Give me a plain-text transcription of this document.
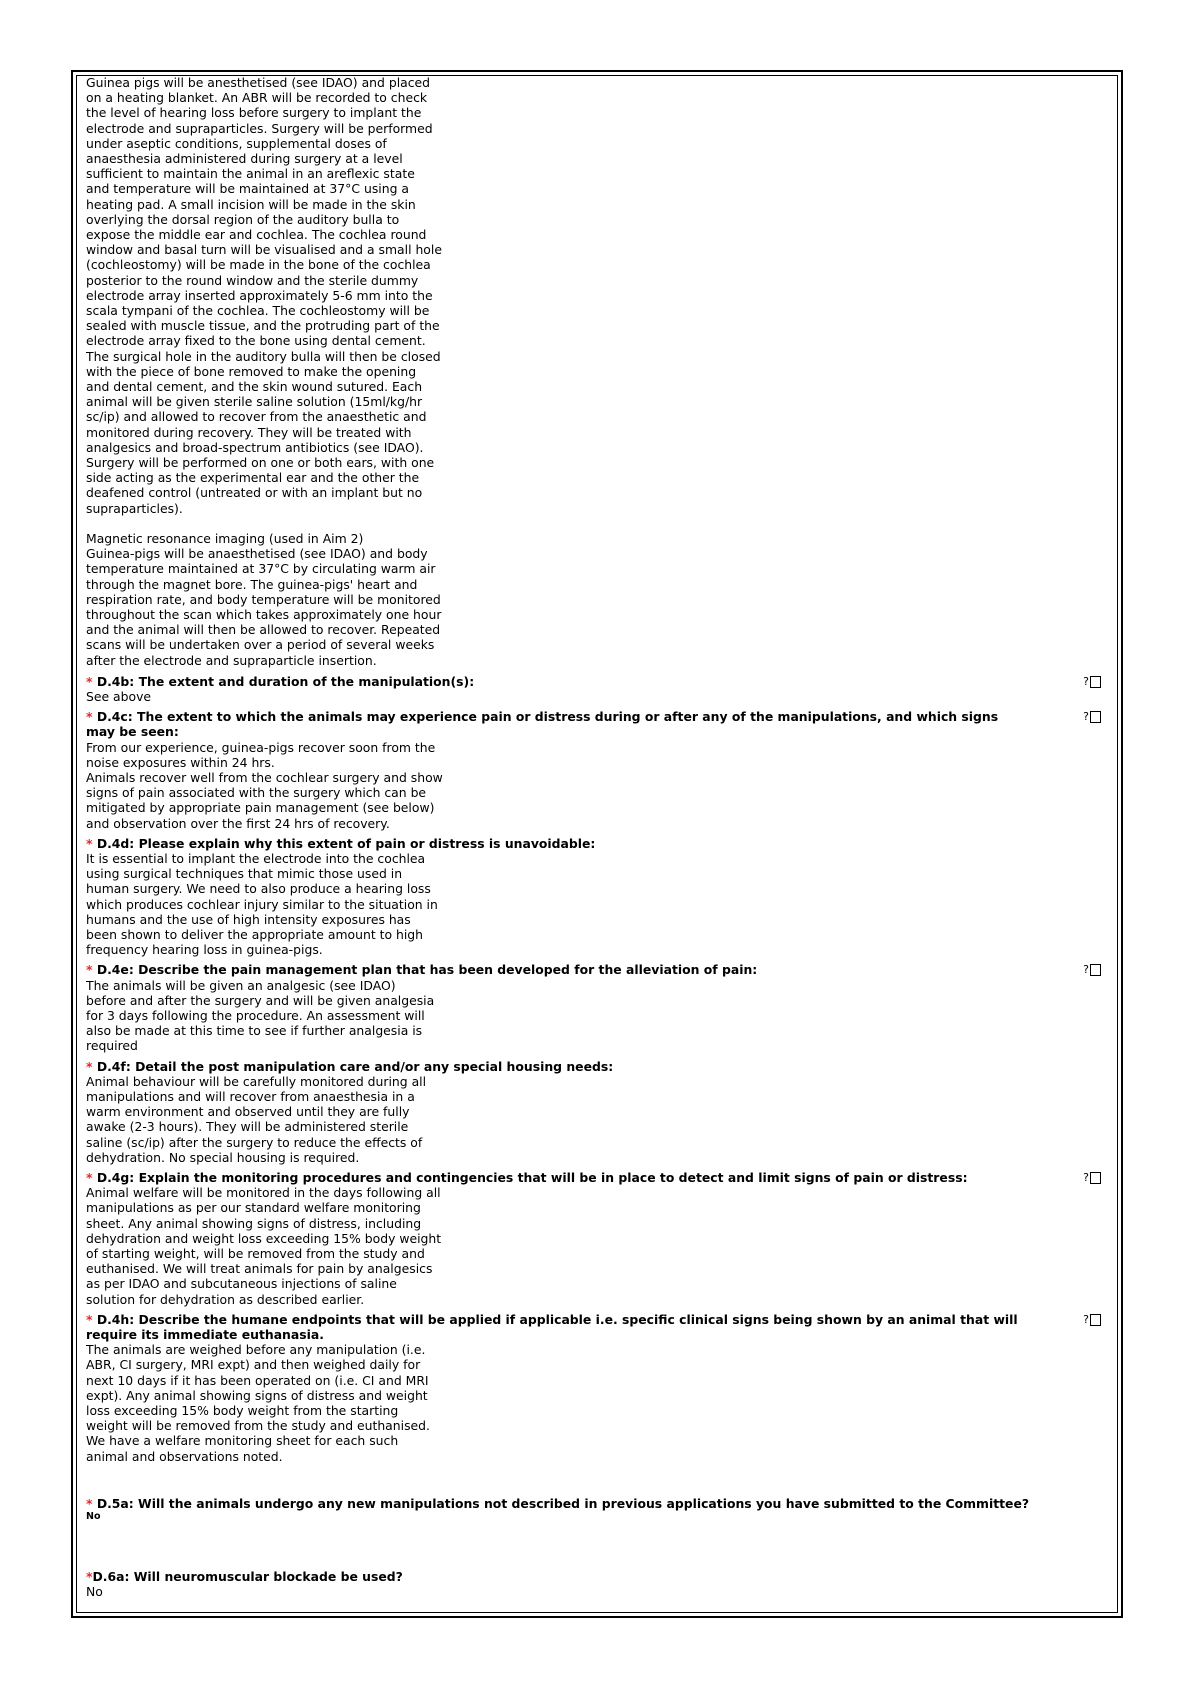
Guinea pigs will be anesthetised (see IDAO) and placed
on a heating blanket. An ABR will be recorded to check
the level of hearing loss before surgery to implant the
electrode and supraparticles. Surgery will be performed
under aseptic conditions, supplemental doses of
anaesthesia administered during surgery at a level
sufficient to maintain the animal in an areflexic state
and temperature will be maintained at 37°C using a
heating pad. A small incision will be made in the skin
overlying the dorsal region of the auditory bulla to
expose the middle ear and cochlea. The cochlea round
window and basal turn will be visualised and a small hole
(cochleostomy) will be made in the bone of the cochlea
posterior to the round window and the sterile dummy
electrode array inserted approximately 5-6 mm into the
scala tympani of the cochlea. The cochleostomy will be
sealed with muscle tissue, and the protruding part of the
electrode array fixed to the bone using dental cement.
The surgical hole in the auditory bulla will then be closed
with the piece of bone removed to make the opening
and dental cement, and the skin wound sutured. Each
animal will be given sterile saline solution (15ml/kg/hr
sc/ip) and allowed to recover from the anaesthetic and
monitored during recovery. They will be treated with
analgesics and broad-spectrum antibiotics (see IDAO).
Surgery will be performed on one or both ears, with one
side acting as the experimental ear and the other the
deafened control (untreated or with an implant but no
supraparticles).
Magnetic resonance imaging (used in Aim 2)
Guinea-pigs will be anaesthetised (see IDAO) and body
temperature maintained at 37°C by circulating warm air
through the magnet bore. The guinea-pigs' heart and
respiration rate, and body temperature will be monitored
throughout the scan which takes approximately one hour
and the animal will then be allowed to recover. Repeated
scans will be undertaken over a period of several weeks
after the electrode and supraparticle insertion.
* D.4b: The extent and duration of the manipulation(s):	?
See above
* D.4c: The extent to which the animals may experience pain or distress during or after any of the manipulations, and which signs may be seen:
?
From our experience, guinea-pigs recover soon from the
noise exposures within 24 hrs.
Animals recover well from the cochlear surgery and show
signs of pain associated with the surgery which can be
mitigated by appropriate pain management (see below)
and observation over the first 24 hrs of recovery.
* D.4d: Please explain why this extent of pain or distress is unavoidable:
It is essential to implant the electrode into the cochlea
using surgical techniques that mimic those used in
human surgery. We need to also produce a hearing loss
which produces cochlear injury similar to the situation in
humans and the use of high intensity exposures has
been shown to deliver the appropriate amount to high
frequency hearing loss in guinea-pigs.
* D.4e: Describe the pain management plan that has been developed for the alleviation of pain:	?
The animals will be given an analgesic (see IDAO)
before and after the surgery and will be given analgesia
for 3 days following the procedure. An assessment will
also be made at this time to see if further analgesia is
required
* D.4f: Detail the post manipulation care and/or any special housing needs:
Animal behaviour will be carefully monitored during all
manipulations and will recover from anaesthesia in a
warm environment and observed until they are fully
awake (2-3 hours). They will be administered sterile
saline (sc/ip) after the surgery to reduce the effects of
dehydration. No special housing is required.
* D.4g: Explain the monitoring procedures and contingencies that will be in place to detect and limit signs of pain or distress:	?
Animal welfare will be monitored in the days following all
manipulations as per our standard welfare monitoring
sheet. Any animal showing signs of distress, including
dehydration and weight loss exceeding 15% body weight
of starting weight, will be removed from the study and
euthanised. We will treat animals for pain by analgesics
as per IDAO and subcutaneous injections of saline
solution for dehydration as described earlier.
* D.4h: Describe the humane endpoints that will be applied if applicable i.e. specific clinical signs being shown by an animal that will require its immediate euthanasia.
?
The animals are weighed before any manipulation (i.e.
ABR, CI surgery, MRI expt) and then weighed daily for
next 10 days if it has been operated on (i.e. CI and MRI
expt). Any animal showing signs of distress and weight
loss exceeding 15% body weight from the starting
weight will be removed from the study and euthanised.
We have a welfare monitoring sheet for each such
animal and observations noted.
* D.5a: Will the animals undergo any new manipulations not described in previous applications you have submitted to the Committee?
No
*D.6a: Will neuromuscular blockade be used?
No
